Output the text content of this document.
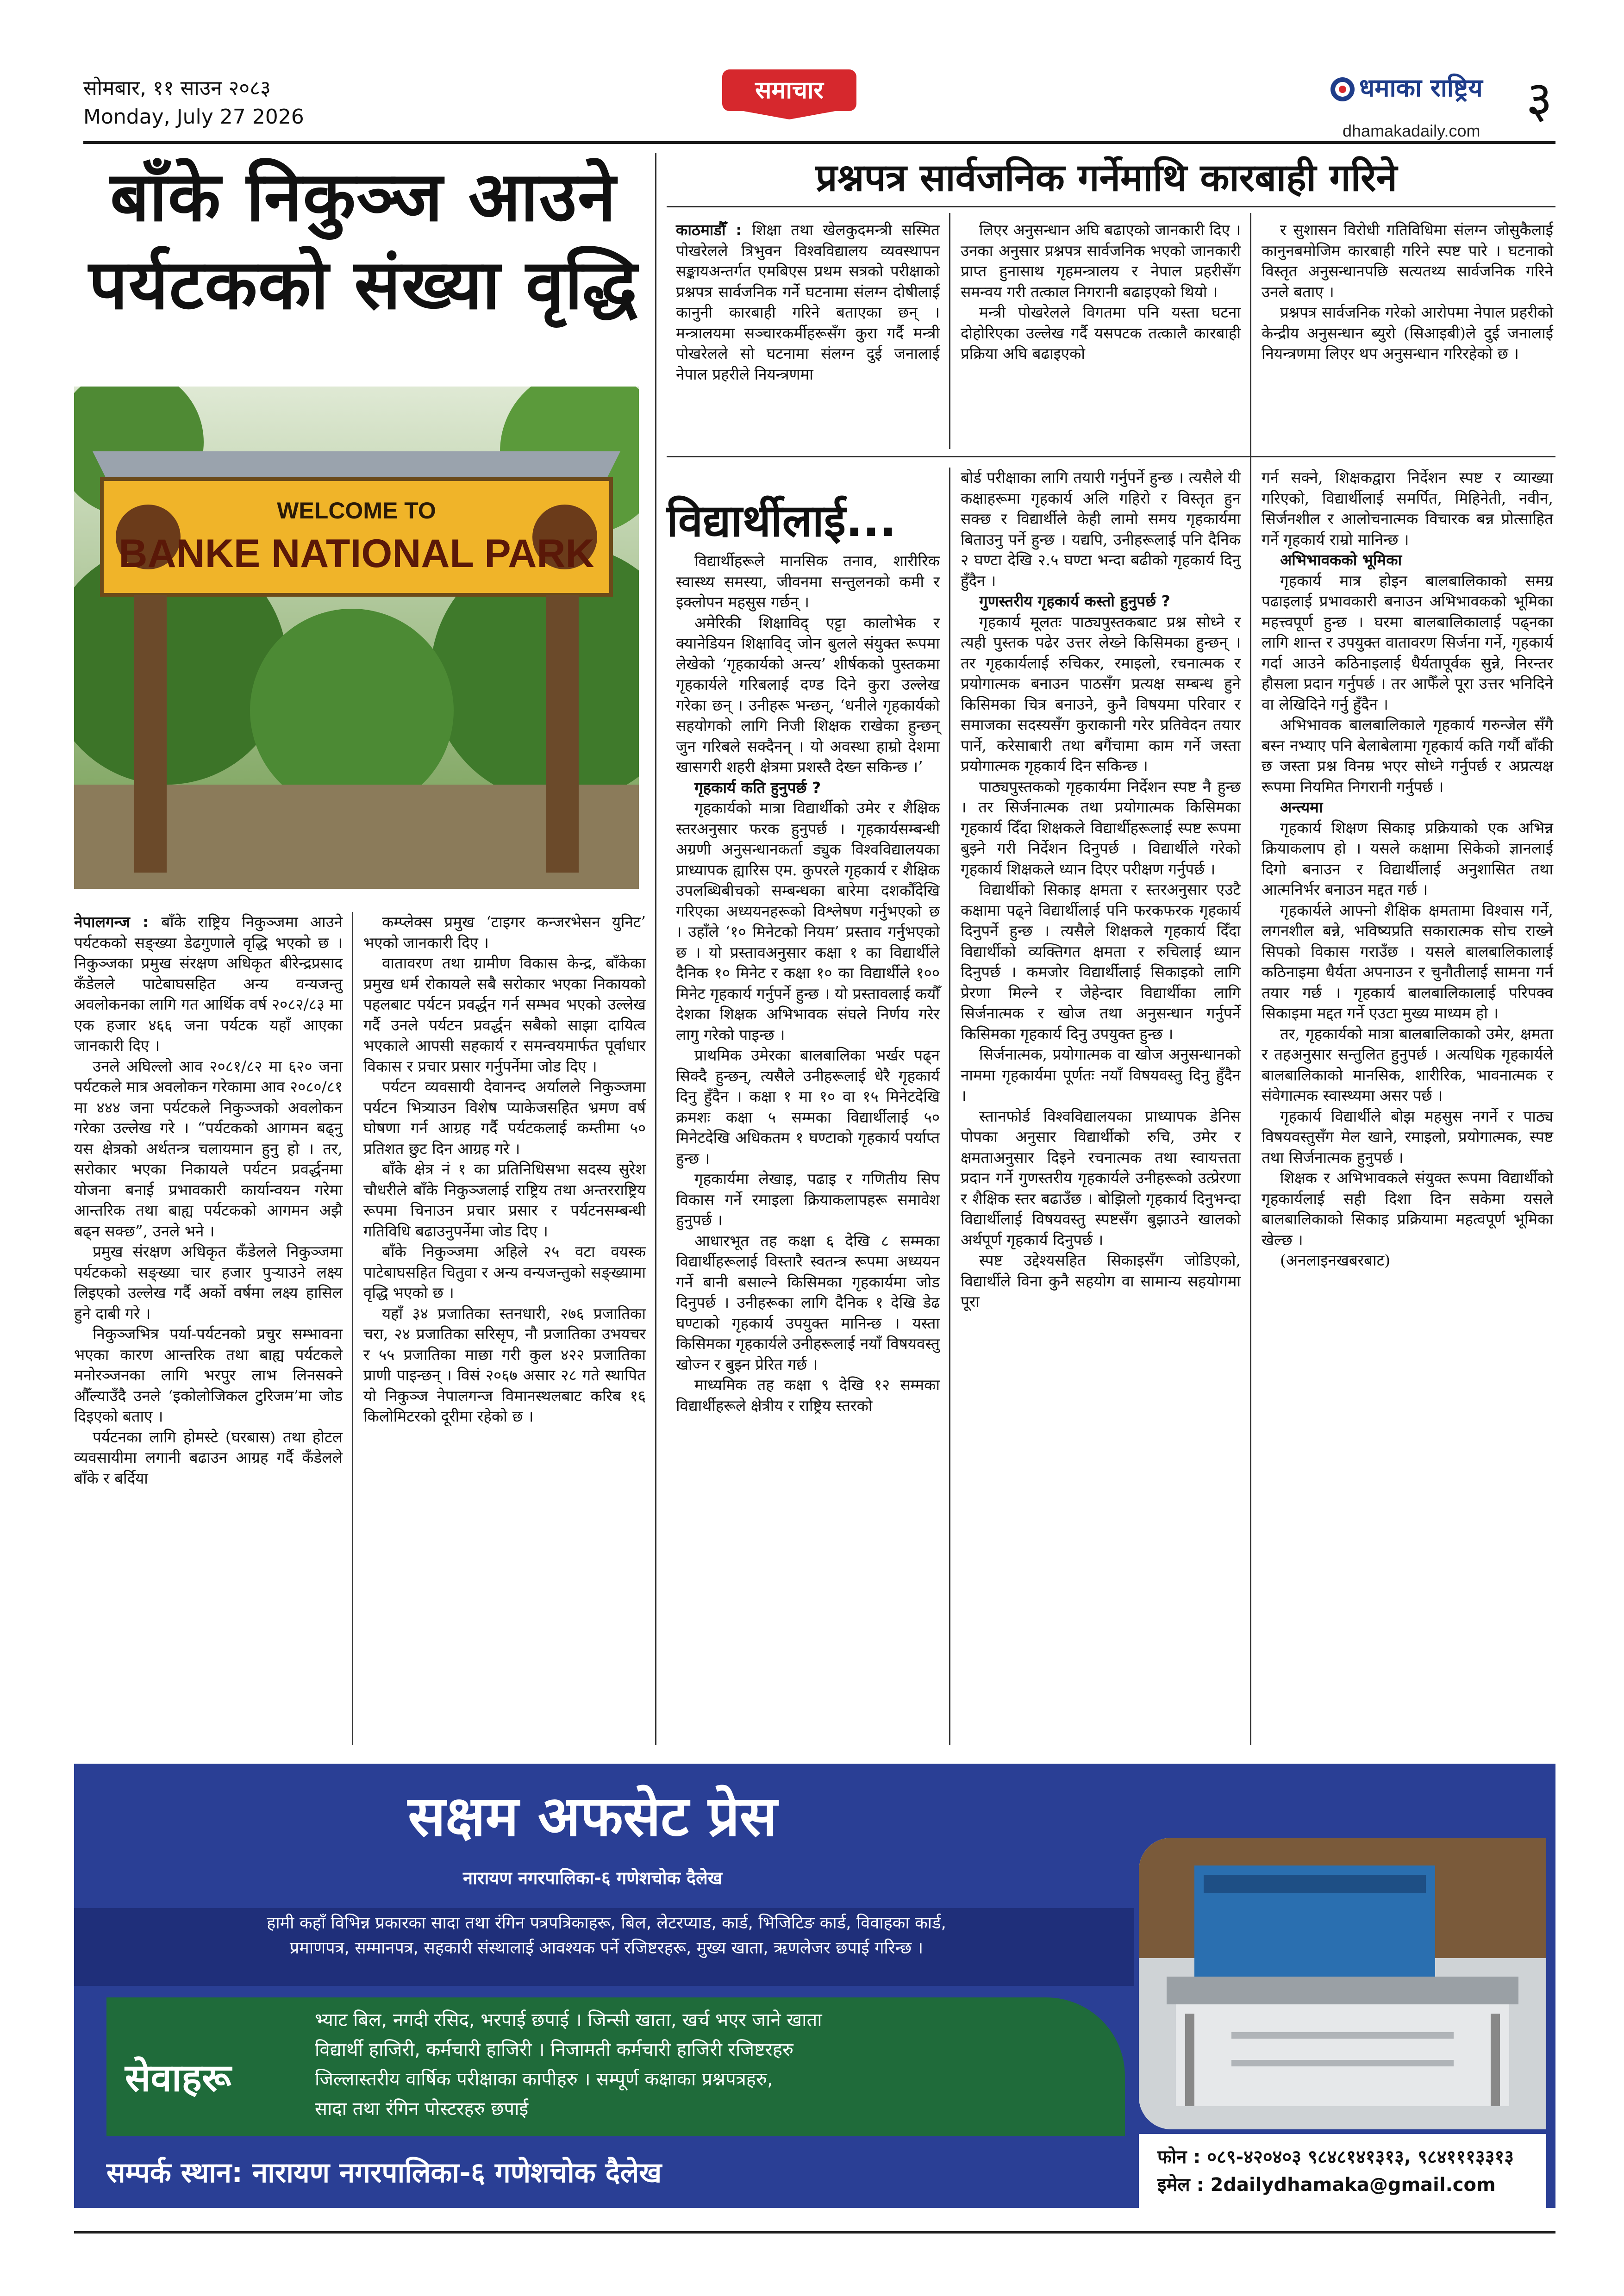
सोमबार, ११ साउन २०८३
Monday, July 27 2026
समाचार	धमाका राष्ट्रिय
dhamakadaily.com
३
बाँके निकुञ्ज आउने
पर्यटकको संख्या वृद्धि
WELCOME TO
BANKE NATIONAL PARK

नेपालगन्ज : बाँके राष्ट्रिय निकुञ्जमा आउने पर्यटकको सङ्ख्या डेढगुणाले वृद्धि भएको छ । निकुञ्जका प्रमुख संरक्षण अधिकृत बीरेन्द्रप्रसाद कँडेलले पाटेबाघसहित अन्य वन्यजन्तु अवलोकनका लागि गत आर्थिक वर्ष २०८२/८३ मा एक हजार ४६६ जना पर्यटक यहाँ आएका जानकारी दिए ।

उनले अघिल्लो आव २०८१/८२ मा ६२० जना पर्यटकले मात्र अवलोकन गरेकामा आव २०८०/८१ मा ४४४ जना पर्यटकले निकुञ्जको अवलोकन गरेका उल्लेख गरे । “पर्यटकको आगमन बढ्नु यस क्षेत्रको अर्थतन्त्र चलायमान हुनु हो । तर, सरोकार भएका निकायले पर्यटन प्रवर्द्धनमा योजना बनाई प्रभावकारी कार्यान्वयन गरेमा आन्तरिक तथा बाह्य पर्यटकको आगमन अझै बढ्न सक्छ”, उनले भने ।

प्रमुख संरक्षण अधिकृत कँडेलले निकुञ्जमा पर्यटकको सङ्ख्या चार हजार पुऱ्याउने लक्ष्य लिइएको उल्लेख गर्दै अर्को वर्षमा लक्ष्य हासिल हुने दाबी गरे ।

निकुञ्जभित्र पर्या-पर्यटनको प्रचुर सम्भावना भएका कारण आन्तरिक तथा बाह्य पर्यटकले मनोरञ्जनका लागि भरपुर लाभ लिनसक्ने औँल्याउँदै उनले ‘इकोलोजिकल टुरिजम’मा जोड दिइएको बताए ।

पर्यटनका लागि होमस्टे (घरबास) तथा होटल व्यवसायीमा लगानी बढाउन आग्रह गर्दै कँडेलले बाँके र बर्दिया

कम्प्लेक्स प्रमुख ‘टाइगर कन्जरभेसन युनिट’ भएको जानकारी दिए ।

वातावरण तथा ग्रामीण विकास केन्द्र, बाँकेका प्रमुख धर्म रोकायले सबै सरोकार भएका निकायको पहलबाट पर्यटन प्रवर्द्धन गर्न सम्भव भएको उल्लेख गर्दै उनले पर्यटन प्रवर्द्धन सबैको साझा दायित्व भएकाले आपसी सहकार्य र समन्वयमार्फत पूर्वाधार विकास र प्रचार प्रसार गर्नुपर्नेमा जोड दिए ।

पर्यटन व्यवसायी देवानन्द अर्यालले निकुञ्जमा पर्यटन भित्र्याउन विशेष प्याकेजसहित भ्रमण वर्ष घोषणा गर्न आग्रह गर्दै पर्यटकलाई कम्तीमा ५० प्रतिशत छुट दिन आग्रह गरे ।

बाँके क्षेत्र नं १ का प्रतिनिधिसभा सदस्य सुरेश चौधरीले बाँके निकुञ्जलाई राष्ट्रिय तथा अन्तरराष्ट्रिय रूपमा चिनाउन प्रचार प्रसार र पर्यटनसम्बन्धी गतिविधि बढाउनुपर्नेमा जोड दिए ।

बाँके निकुञ्जमा अहिले २५ वटा वयस्क पाटेबाघसहित चितुवा र अन्य वन्यजन्तुको सङ्ख्यामा वृद्धि भएको छ ।

यहाँ ३४ प्रजातिका स्तनधारी, २७६ प्रजातिका चरा, २४ प्रजातिका सरिसृप, नौ प्रजातिका उभयचर र ५५ प्रजातिका माछा गरी कुल ४२२ प्रजातिका प्राणी पाइन्छन् । विसं २०६७ असार २८ गते स्थापित यो निकुञ्ज नेपालगन्ज विमानस्थलबाट करिब १६ किलोमिटरको दूरीमा रहेको छ ।

प्रश्नपत्र सार्वजनिक गर्नेमाथि कारबाही गरिने

काठमाडौँ : शिक्षा तथा खेलकुदमन्त्री सस्मित पोखरेलले त्रिभुवन विश्वविद्यालय व्यवस्थापन सङ्कायअन्तर्गत एमबिएस प्रथम सत्रको परीक्षाको प्रश्नपत्र सार्वजनिक गर्ने घटनामा संलग्न दोषीलाई कानुनी कारबाही गरिने बताएका छन् । मन्त्रालयमा सञ्चारकर्मीहरूसँग कुरा गर्दै मन्त्री पोखरेलले सो घटनामा संलग्न दुई जनालाई नेपाल प्रहरीले नियन्त्रणमा

लिएर अनुसन्धान अघि बढाएको जानकारी दिए । उनका अनुसार प्रश्नपत्र सार्वजनिक भएको जानकारी प्राप्त हुनासाथ गृहमन्त्रालय र नेपाल प्रहरीसँग समन्वय गरी तत्काल निगरानी बढाइएको थियो ।

मन्त्री पोखरेलले विगतमा पनि यस्ता घटना दोहोरिएका उल्लेख गर्दै यसपटक तत्कालै कारबाही प्रक्रिया अघि बढाइएको

र सुशासन विरोधी गतिविधिमा संलग्न जोसुकैलाई कानुनबमोजिम कारबाही गरिने स्पष्ट पारे । घटनाको विस्तृत अनुसन्धानपछि सत्यतथ्य सार्वजनिक गरिने उनले बताए ।

प्रश्नपत्र सार्वजनिक गरेको आरोपमा नेपाल प्रहरीको केन्द्रीय अनुसन्धान ब्युरो (सिआइबी)ले दुई जनालाई नियन्त्रणमा लिएर थप अनुसन्धान गरिरहेको छ ।

विद्यार्थीलाई...

विद्यार्थीहरूले मानसिक तनाव, शारीरिक स्वास्थ्य समस्या, जीवनमा सन्तुलनको कमी र इक्लोपन महसुस गर्छन् ।

अमेरिकी शिक्षाविद् एट्टा कालोभेक र क्यानेडियन शिक्षाविद् जोन बुलले संयुक्त रूपमा लेखेको ‘गृहकार्यको अन्त्य’ शीर्षकको पुस्तकमा गृहकार्यले गरिबलाई दण्ड दिने कुरा उल्लेख गरेका छन् । उनीहरू भन्छन्, ‘धनीले गृहकार्यको सहयोगको लागि निजी शिक्षक राखेका हुन्छन् जुन गरिबले सक्दैनन् । यो अवस्था हाम्रो देशमा खासगरी शहरी क्षेत्रमा प्रशस्तै देख्न सकिन्छ ।’

गृहकार्य कति हुनुपर्छ ?

गृहकार्यको मात्रा विद्यार्थीको उमेर र शैक्षिक स्तरअनुसार फरक हुनुपर्छ । गृहकार्यसम्बन्धी अग्रणी अनुसन्धानकर्ता ड्युक विश्वविद्यालयका प्राध्यापक ह्यारिस एम. कुपरले गृहकार्य र शैक्षिक उपलब्धिबीचको सम्बन्धका बारेमा दशकौँदेखि गरिएका अध्ययनहरूको विश्लेषण गर्नुभएको छ । उहाँले ‘१० मिनेटको नियम’ प्रस्ताव गर्नुभएको छ । यो प्रस्तावअनुसार कक्षा १ का विद्यार्थीले दैनिक १० मिनेट र कक्षा १० का विद्यार्थीले १०० मिनेट गृहकार्य गर्नुपर्ने हुन्छ । यो प्रस्तावलाई कयौँ देशका शिक्षक अभिभावक संघले निर्णय गरेर लागु गरेको पाइन्छ ।

प्राथमिक उमेरका बालबालिका भर्खर पढ्न सिक्दै हुन्छन्, त्यसैले उनीहरूलाई धेरै गृहकार्य दिनु हुँदैन । कक्षा १ मा १० वा १५ मिनेटदेखि क्रमशः कक्षा ५ सम्मका विद्यार्थीलाई ५० मिनेटदेखि अधिकतम १ घण्टाको गृहकार्य पर्याप्त हुन्छ ।

गृहकार्यमा लेखाइ, पढाइ र गणितीय सिप विकास गर्ने रमाइला क्रियाकलापहरू समावेश हुनुपर्छ ।

आधारभूत तह कक्षा ६ देखि ८ सम्मका विद्यार्थीहरूलाई विस्तारै स्वतन्त्र रूपमा अध्ययन गर्ने बानी बसाल्ने किसिमका गृहकार्यमा जोड दिनुपर्छ । उनीहरूका लागि दैनिक १ देखि डेढ घण्टाको गृहकार्य उपयुक्त मानिन्छ । यस्ता किसिमका गृहकार्यले उनीहरूलाई नयाँ विषयवस्तु खोज्न र बुझ्न प्रेरित गर्छ ।

माध्यमिक तह कक्षा ९ देखि १२ सम्मका विद्यार्थीहरूले क्षेत्रीय र राष्ट्रिय स्तरको

बोर्ड परीक्षाका लागि तयारी गर्नुपर्ने हुन्छ । त्यसैले यी कक्षाहरूमा गृहकार्य अलि गहिरो र विस्तृत हुन सक्छ र विद्यार्थीले केही लामो समय गृहकार्यमा बिताउनु पर्ने हुन्छ । यद्यपि, उनीहरूलाई पनि दैनिक २ घण्टा देखि २.५ घण्टा भन्दा बढीको गृहकार्य दिनु हुँदैन ।

गुणस्तरीय गृहकार्य कस्तो हुनुपर्छ ?

गृहकार्य मूलतः पाठ्यपुस्तकबाट प्रश्न सोध्ने र त्यही पुस्तक पढेर उत्तर लेख्ने किसिमका हुन्छन् । तर गृहकार्यलाई रुचिकर, रमाइलो, रचनात्मक र प्रयोगात्मक बनाउन पाठसँग प्रत्यक्ष सम्बन्ध हुने किसिमका चित्र बनाउने, कुनै विषयमा परिवार र समाजका सदस्यसँग कुराकानी गरेर प्रतिवेदन तयार पार्ने, करेसाबारी तथा बगैंचामा काम गर्ने जस्ता प्रयोगात्मक गृहकार्य दिन सकिन्छ ।

पाठ्यपुस्तकको गृहकार्यमा निर्देशन स्पष्ट नै हुन्छ । तर सिर्जनात्मक तथा प्रयोगात्मक किसिमका गृहकार्य दिँदा शिक्षकले विद्यार्थीहरूलाई स्पष्ट रूपमा बुझ्ने गरी निर्देशन दिनुपर्छ । विद्यार्थीले गरेको गृहकार्य शिक्षकले ध्यान दिएर परीक्षण गर्नुपर्छ ।

विद्यार्थीको सिकाइ क्षमता र स्तरअनुसार एउटै कक्षामा पढ्ने विद्यार्थीलाई पनि फरकफरक गृहकार्य दिनुपर्ने हुन्छ । त्यसैले शिक्षकले गृहकार्य दिँदा विद्यार्थीको व्यक्तिगत क्षमता र रुचिलाई ध्यान दिनुपर्छ । कमजोर विद्यार्थीलाई सिकाइको लागि प्रेरणा मिल्ने र जेहेन्दार विद्यार्थीका लागि सिर्जनात्मक र खोज तथा अनुसन्धान गर्नुपर्ने किसिमका गृहकार्य दिनु उपयुक्त हुन्छ ।

सिर्जनात्मक, प्रयोगात्मक वा खोज अनुसन्धानको नाममा गृहकार्यमा पूर्णतः नयाँ विषयवस्तु दिनु हुँदैन ।

स्तानफोर्ड विश्वविद्यालयका प्राध्यापक डेनिस पोपका अनुसार विद्यार्थीको रुचि, उमेर र क्षमताअनुसार दिइने रचनात्मक तथा स्वायत्तता प्रदान गर्ने गुणस्तरीय गृहकार्यले उनीहरूको उत्प्रेरणा र शैक्षिक स्तर बढाउँछ । बोझिलो गृहकार्य दिनुभन्दा विद्यार्थीलाई विषयवस्तु स्पष्टसँग बुझाउने खालको अर्थपूर्ण गृहकार्य दिनुपर्छ ।

स्पष्ट उद्देश्यसहित सिकाइसँग जोडिएको, विद्यार्थीले विना कुनै सहयोग वा सामान्य सहयोगमा पूरा

गर्न सक्ने, शिक्षकद्वारा निर्देशन स्पष्ट र व्याख्या गरिएको, विद्यार्थीलाई समर्पित, मिहिनेती, नवीन, सिर्जनशील र आलोचनात्मक विचारक बन्न प्रोत्साहित गर्ने गृहकार्य राम्रो मानिन्छ ।

अभिभावकको भूमिका

गृहकार्य मात्र होइन बालबालिकाको समग्र पढाइलाई प्रभावकारी बनाउन अभिभावकको भूमिका महत्त्वपूर्ण हुन्छ । घरमा बालबालिकालाई पढ्नका लागि शान्त र उपयुक्त वातावरण सिर्जना गर्ने, गृहकार्य गर्दा आउने कठिनाइलाई धैर्यतापूर्वक सुन्ने, निरन्तर हौसला प्रदान गर्नुपर्छ । तर आफैँले पूरा उत्तर भनिदिने वा लेखिदिने गर्नु हुँदैन ।

अभिभावक बालबालिकाले गृहकार्य गरुन्जेल सँगै बस्न नभ्याए पनि बेलाबेलामा गृहकार्य कति गर्यौ बाँकी छ जस्ता प्रश्न विनम्र भएर सोध्ने गर्नुपर्छ र अप्रत्यक्ष रूपमा नियमित निगरानी गर्नुपर्छ ।

अन्त्यमा

गृहकार्य शिक्षण सिकाइ प्रक्रियाको एक अभिन्न क्रियाकलाप हो । यसले कक्षामा सिकेको ज्ञानलाई दिगो बनाउन र विद्यार्थीलाई अनुशासित तथा आत्मनिर्भर बनाउन मद्दत गर्छ ।

गृहकार्यले आफ्नो शैक्षिक क्षमतामा विश्वास गर्ने, लगनशील बन्ने, भविष्यप्रति सकारात्मक सोच राख्ने सिपको विकास गराउँछ । यसले बालबालिकालाई कठिनाइमा धैर्यता अपनाउन र चुनौतीलाई सामना गर्न तयार गर्छ । गृहकार्य बालबालिकालाई परिपक्व सिकाइमा मद्दत गर्ने एउटा मुख्य माध्यम हो ।

तर, गृहकार्यको मात्रा बालबालिकाको उमेर, क्षमता र तहअनुसार सन्तुलित हुनुपर्छ । अत्यधिक गृहकार्यले बालबालिकाको मानसिक, शारीरिक, भावनात्मक र संवेगात्मक स्वास्थ्यमा असर पर्छ ।

गृहकार्य विद्यार्थीले बोझ महसुस नगर्ने र पाठ्य विषयवस्तुसँग मेल खाने, रमाइलो, प्रयोगात्मक, स्पष्ट तथा सिर्जनात्मक हुनुपर्छ ।

शिक्षक र अभिभावकले संयुक्त रूपमा विद्यार्थीको गृहकार्यलाई सही दिशा दिन सकेमा यसले बालबालिकाको सिकाइ प्रक्रियामा महत्वपूर्ण भूमिका खेल्छ ।

(अनलाइनखबरबाट)

सक्षम अफसेट प्रेस
नारायण नगरपालिका-६ गणेशचोक दैलेख
हामी कहाँ विभिन्न प्रकारका सादा तथा रंगिन पत्रपत्रिकाहरू, बिल, लेटरप्याड, कार्ड, भिजिटिङ कार्ड, विवाहका कार्ड,
प्रमाणपत्र, सम्मानपत्र, सहकारी संस्थालाई आवश्यक पर्ने रजिष्टरहरू, मुख्य खाता, ऋणलेजर छपाई गरिन्छ ।
सेवाहरू
भ्याट बिल, नगदी रसिद, भरपाई छपाई । जिन्सी खाता, खर्च भएर जाने खाता
विद्यार्थी हाजिरी, कर्मचारी हाजिरी । निजामती कर्मचारी हाजिरी रजिष्टरहरु
जिल्लास्तरीय वार्षिक परीक्षाका कापीहरु । सम्पूर्ण कक्षाका प्रश्नपत्रहरु,
सादा तथा रंगिन पोस्टरहरु छपाई
सम्पर्क स्थान: नारायण नगरपालिका-६ गणेशचोक दैलेख	फोन : ०८९-४२०४०३ ९८४८१४१३१३, ९८४१११३३१३
इमेल : 2dailydhamaka@gmail.com
